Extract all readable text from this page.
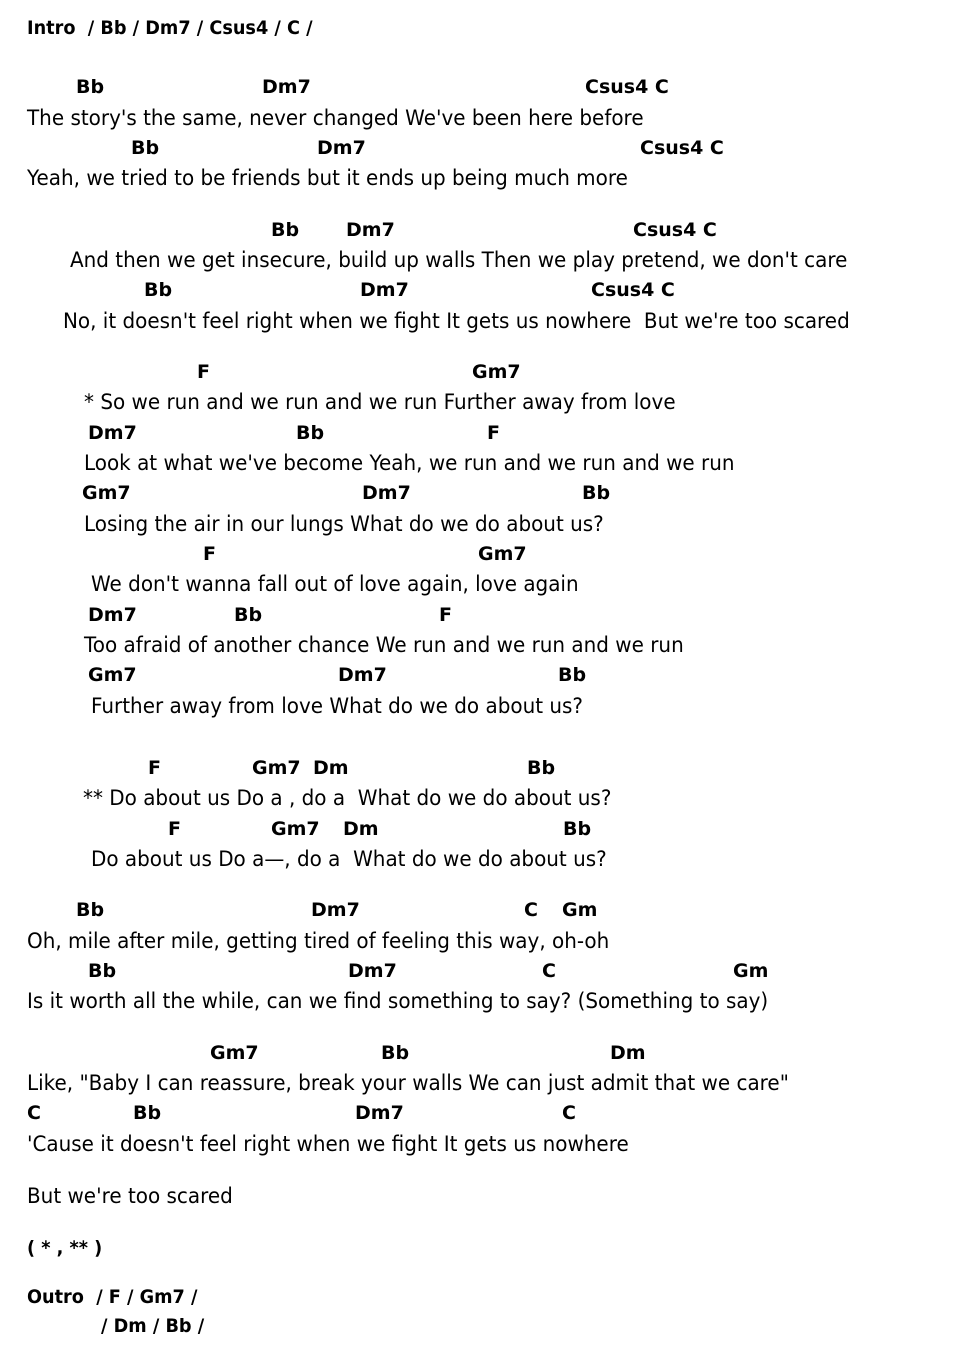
Intro  / Bb / Dm7 / Csus4 / C /
Bb	Dm7	Csus4 C
The story's the same, never changed We've been here before
Bb	Dm7	Csus4 C
Yeah, we tried to be friends but it ends up being much more
Bb Dm7	Csus4 C
And then we get insecure, build up walls Then we play pretend, we don't care
Bb	Dm7	Csus4 C
No, it doesn't feel right when we fight It gets us nowhere  But we're too scared
F	Gm7
* So we run and we run and we run Further away from love
Dm7	Bb	F
Look at what we've become Yeah, we run and we run and we run
Gm7	Dm7	Bb
Losing the air in our lungs What do we do about us?
F	Gm7
We don't wanna fall out of love again, love again
Dm7	Bb	F
Too afraid of another chance We run and we run and we run
Gm7	Dm7	Bb
Further away from love What do we do about us?
F	Gm7 Dm	Bb
** Do about us Do a , do a  What do we do about us?
F	Gm7 Dm	Bb
Do about us Do a—, do a  What do we do about us?
Bb	Dm7	C Gm
Oh, mile after mile, getting tired of feeling this way, oh-oh
Bb	Dm7	C	Gm
Is it worth all the while, can we find something to say? (Something to say)
Gm7	Bb	Dm
Like, "Baby I can reassure, break your walls We can just admit that we care"
C	Bb	Dm7	C
'Cause it doesn't feel right when we fight It gets us nowhere
But we're too scared
( * , ** )
Outro  / F / Gm7 /
/ Dm / Bb /
